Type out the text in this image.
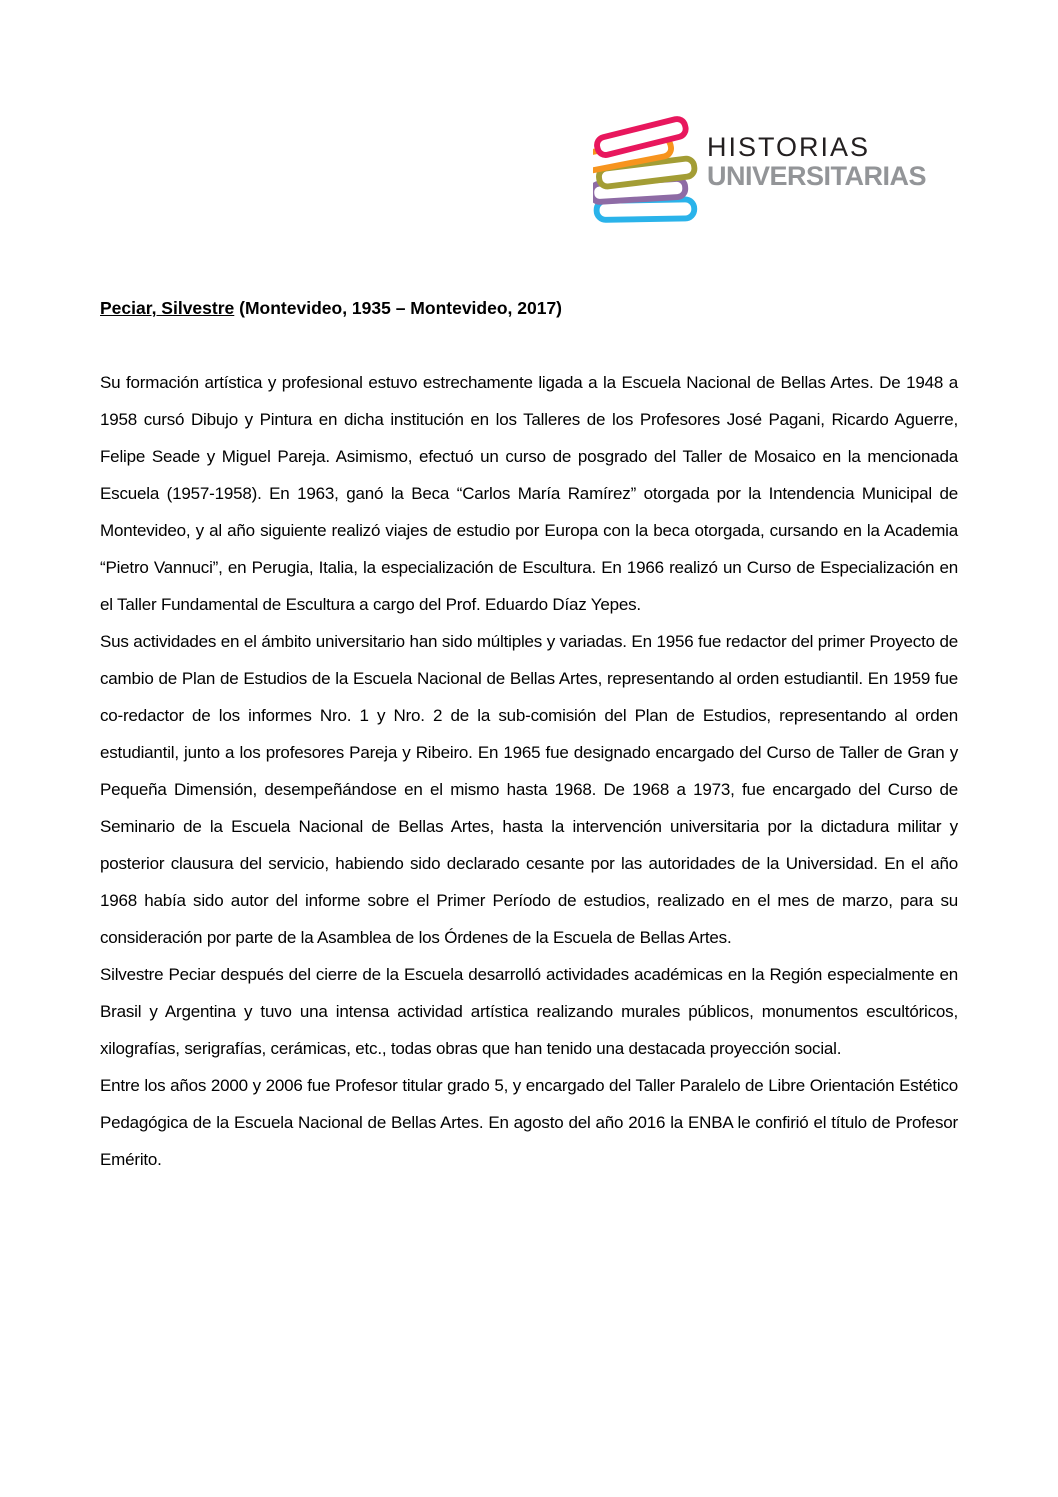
HISTORIAS
UNIVERSITARIAS

Peciar, Silvestre (Montevideo, 1935 – Montevideo, 2017)

Su formación artística y profesional estuvo estrechamente ligada a la Escuela Nacional de Bellas Artes. De 1948 a 1958 cursó Dibujo y Pintura en dicha institución en los Talleres de los Profesores José Pagani, Ricardo Aguerre, Felipe Seade y Miguel Pareja. Asimismo, efectuó un curso de posgrado del Taller de Mosaico en la mencionada Escuela (1957-1958). En 1963, ganó la Beca “Carlos María Ramírez” otorgada por la Intendencia Municipal de Montevideo, y al año siguiente realizó viajes de estudio por Europa con la beca otorgada, cursando en la Academia “Pietro Vannuci”, en Perugia, Italia, la especialización de Escultura. En 1966 realizó un Curso de Especialización en el Taller Fundamental de Escultura a cargo del Prof. Eduardo Díaz Yepes.

Sus actividades en el ámbito universitario han sido múltiples y variadas. En 1956 fue redactor del primer Proyecto de cambio de Plan de Estudios de la Escuela Nacional de Bellas Artes, representando al orden estudiantil. En 1959 fue co-redactor de los informes Nro. 1 y Nro. 2 de la sub-comisión del Plan de Estudios, representando al orden estudiantil, junto a los profesores Pareja y Ribeiro. En 1965 fue designado encargado del Curso de Taller de Gran y Pequeña Dimensión, desempeñándose en el mismo hasta 1968. De 1968 a 1973, fue encargado del Curso de Seminario de la Escuela Nacional de Bellas Artes, hasta la intervención universitaria por la dictadura militar y posterior clausura del servicio, habiendo sido declarado cesante por las autoridades de la Universidad. En el año 1968 había sido autor del informe sobre el Primer Período de estudios, realizado en el mes de marzo, para su consideración por parte de la Asamblea de los Órdenes de la Escuela de Bellas Artes.

Silvestre Peciar después del cierre de la Escuela desarrolló actividades académicas en la Región especialmente en Brasil y Argentina y tuvo una intensa actividad artística realizando murales públicos, monumentos escultóricos, xilografías, serigrafías, cerámicas, etc., todas obras que han tenido una destacada proyección social.

Entre los años 2000 y 2006 fue Profesor titular grado 5, y encargado del Taller Paralelo de Libre Orientación Estético Pedagógica de la Escuela Nacional de Bellas Artes. En agosto del año 2016 la ENBA le confirió el título de Profesor Emérito.
